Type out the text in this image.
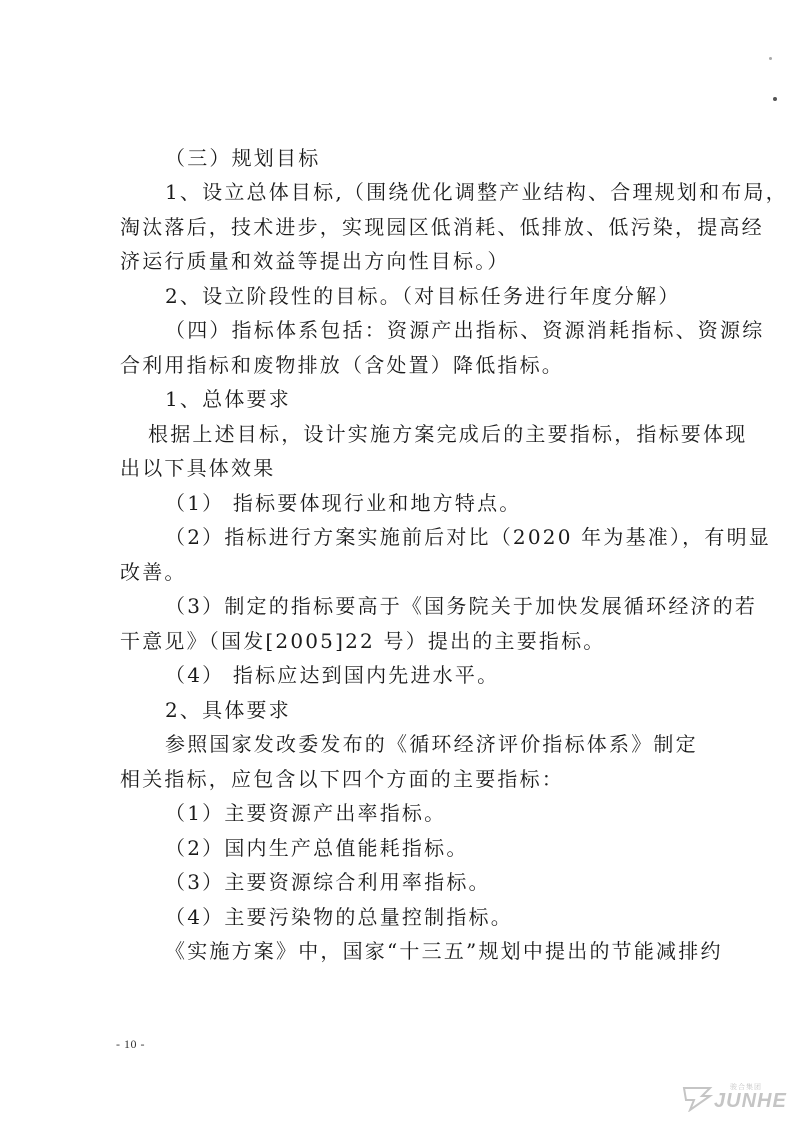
（三）规划目标
1、设立总体目标,（围绕优化调整产业结构、合理规划和布局，
淘汰落后，技术进步，实现园区低消耗、低排放、低污染，提高经
济运行质量和效益等提出方向性目标。）
2、设立阶段性的目标。（对目标任务进行年度分解）
（四）指标体系包括：资源产出指标、资源消耗指标、资源综
合利用指标和废物排放（含处置）降低指标。
1、总体要求
根据上述目标，设计实施方案完成后的主要指标，指标要体现
出以下具体效果
（1） 指标要体现行业和地方特点。
（2）指标进行方案实施前后对比（2020 年为基准），有明显
改善。
（3）制定的指标要高于《国务院关于加快发展循环经济的若
干意见》（国发[2005]22 号）提出的主要指标。
（4） 指标应达到国内先进水平。
2、具体要求
参照国家发改委发布的《循环经济评价指标体系》制定
相关指标，应包含以下四个方面的主要指标：
（1）主要资源产出率指标。
（2）国内生产总值能耗指标。
（3）主要资源综合利用率指标。
（4）主要污染物的总量控制指标。
《实施方案》中，国家“十三五”规划中提出的节能减排约
- 10 -
骏合集团
JUNHE
